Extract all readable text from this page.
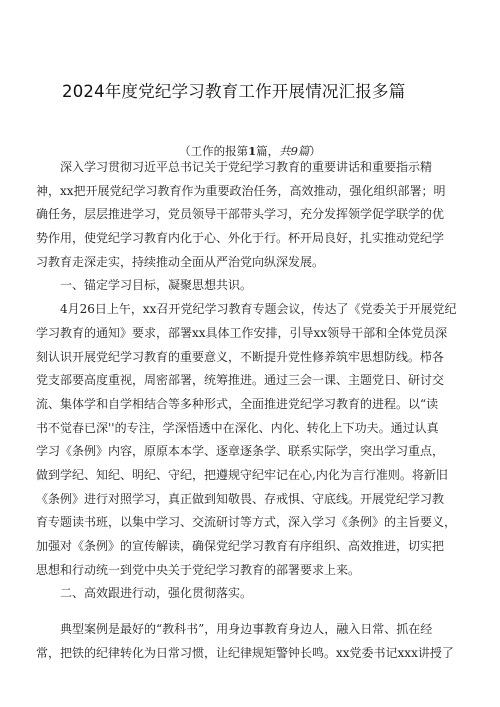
2024年度党纪学习教育工作开展情况汇报多篇
（工作的报第1篇，共9篇）
深入学习贯彻习近平总书记关于党纪学习教育的重要讲话和重要指示精
神，xx把开展党纪学习教育作为重要政治任务，高效推动，强化组织部署；明
确任务，层层推进学习，党员领导干部带头学习，充分发挥领学促学联学的优
势作用，使党纪学习教育内化于心、外化于行。杯开局良好，扎实推动党纪学
习教育走深走实，持续推动全面从严治党向纵深发展。
一、锚定学习目标，凝聚思想共识。
4月26日上午，xx召开党纪学习教育专题会议，传达了《党委关于开展党纪
学习教育的通知》要求，部署xx具体工作安排，引导xx领导干部和全体党员深
刻认识开展党纪学习教育的重要意义，不断提升党性修养筑牢思想防线。栉各
党支部要高度重视，周密部署，统筹推进。通过三会一课、主题党日、研讨交
流、集体学和自学相结合等多种形式，全面推进党纪学习教育的进程。以“读
书不觉春已深''的专注，学深悟透中在深化、内化、转化上下功夫。通过认真
学习《条例》内容，原原本本学、逐章逐条学、联系实际学，突出学习重点，
做到学纪、知纪、明纪、守纪，把遵规守纪牢记在心,内化为言行准则。将新旧
《条例》进行对照学习，真正做到知敬畏、存戒惧、守底线。开展党纪学习教
育专题读书班，以集中学习、交流研讨等方式，深入学习《条例》的主旨要义，
加强对《条例》的宣传解读，确保党纪学习教育有序组织、高效推进，切实把
思想和行动统一到党中央关于党纪学习教育的部署要求上来。
二、高效跟进行动，强化贯彻落实。
典型案例是最好的“教科书”，用身边事教育身边人，融入日常、抓在经
常，把铁的纪律转化为日常习惯，让纪律规矩警钟长鸣。xx党委书记xxx讲授了
